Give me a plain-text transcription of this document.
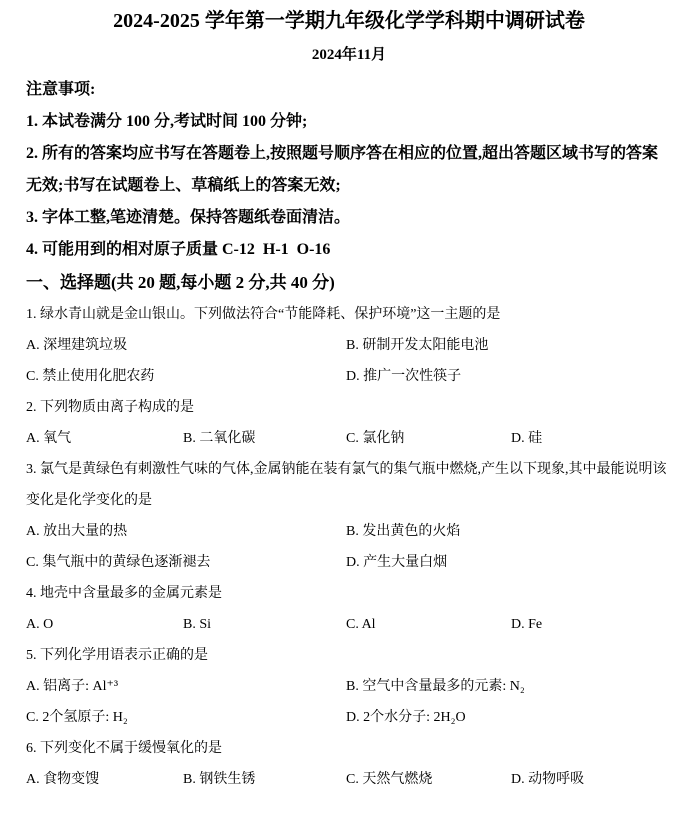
2024-2025 学年第一学期九年级化学学科期中调研试卷
2024年11月
注意事项:
1. 本试卷满分 100 分,考试时间 100 分钟;
2. 所有的答案均应书写在答题卷上,按照题号顺序答在相应的位置,超出答题区域书写的答案无效;书写在试题卷上、草稿纸上的答案无效;
3. 字体工整,笔迹清楚。保持答题纸卷面清洁。
4. 可能用到的相对原子质量 C-12  H-1  O-16
一、选择题(共 20 题,每小题 2 分,共 40 分)
1. 绿水青山就是金山银山。下列做法符合“节能降耗、保护环境”这一主题的是
A. 深埋建筑垃圾	B. 研制开发太阳能电池
C. 禁止使用化肥农药	D. 推广一次性筷子
2. 下列物质由离子构成的是
A. 氧气	B. 二氧化碳	C. 氯化钠	D. 硅
3. 氯气是黄绿色有刺激性气味的气体,金属钠能在装有氯气的集气瓶中燃烧,产生以下现象,其中最能说明该变化是化学变化的是
A. 放出大量的热	B. 发出黄色的火焰
C. 集气瓶中的黄绿色逐渐褪去	D. 产生大量白烟
4. 地壳中含量最多的金属元素是
A. O	B. Si	C. Al	D. Fe
5. 下列化学用语表示正确的是
A. 铝离子: Al⁺³	B. 空气中含量最多的元素: N₂
C. 2个氢原子: H₂	D. 2个水分子: 2H₂O
6. 下列变化不属于缓慢氧化的是
A. 食物变馊	B. 钢铁生锈	C. 天然气燃烧	D. 动物呼吸
